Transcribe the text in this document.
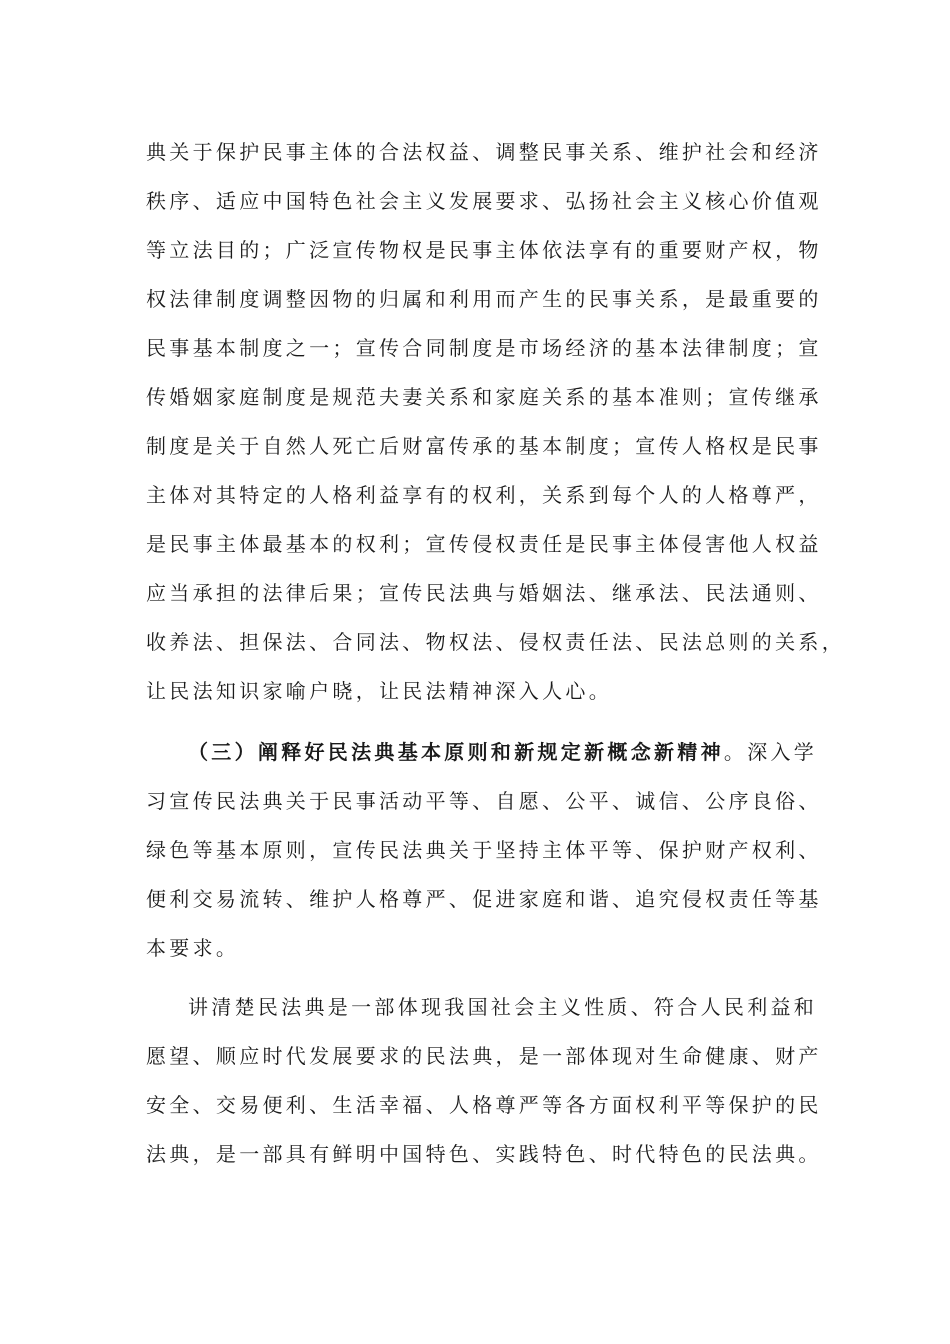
典关于保护民事主体的合法权益、调整民事关系、维护社会和经济
秩序、适应中国特色社会主义发展要求、弘扬社会主义核心价值观
等立法目的；广泛宣传物权是民事主体依法享有的重要财产权，物
权法律制度调整因物的归属和利用而产生的民事关系，是最重要的
民事基本制度之一；宣传合同制度是市场经济的基本法律制度；宣
传婚姻家庭制度是规范夫妻关系和家庭关系的基本准则；宣传继承
制度是关于自然人死亡后财富传承的基本制度；宣传人格权是民事
主体对其特定的人格利益享有的权利，关系到每个人的人格尊严，
是民事主体最基本的权利；宣传侵权责任是民事主体侵害他人权益
应当承担的法律后果；宣传民法典与婚姻法、继承法、民法通则、
收养法、担保法、合同法、物权法、侵权责任法、民法总则的关系，
让民法知识家喻户晓，让民法精神深入人心。
（三）阐释好民法典基本原则和新规定新概念新精神。深入学
习宣传民法典关于民事活动平等、自愿、公平、诚信、公序良俗、
绿色等基本原则，宣传民法典关于坚持主体平等、保护财产权利、
便利交易流转、维护人格尊严、促进家庭和谐、追究侵权责任等基
本要求。
讲清楚民法典是一部体现我国社会主义性质、符合人民利益和
愿望、顺应时代发展要求的民法典，是一部体现对生命健康、财产
安全、交易便利、生活幸福、人格尊严等各方面权利平等保护的民
法典，是一部具有鲜明中国特色、实践特色、时代特色的民法典。
